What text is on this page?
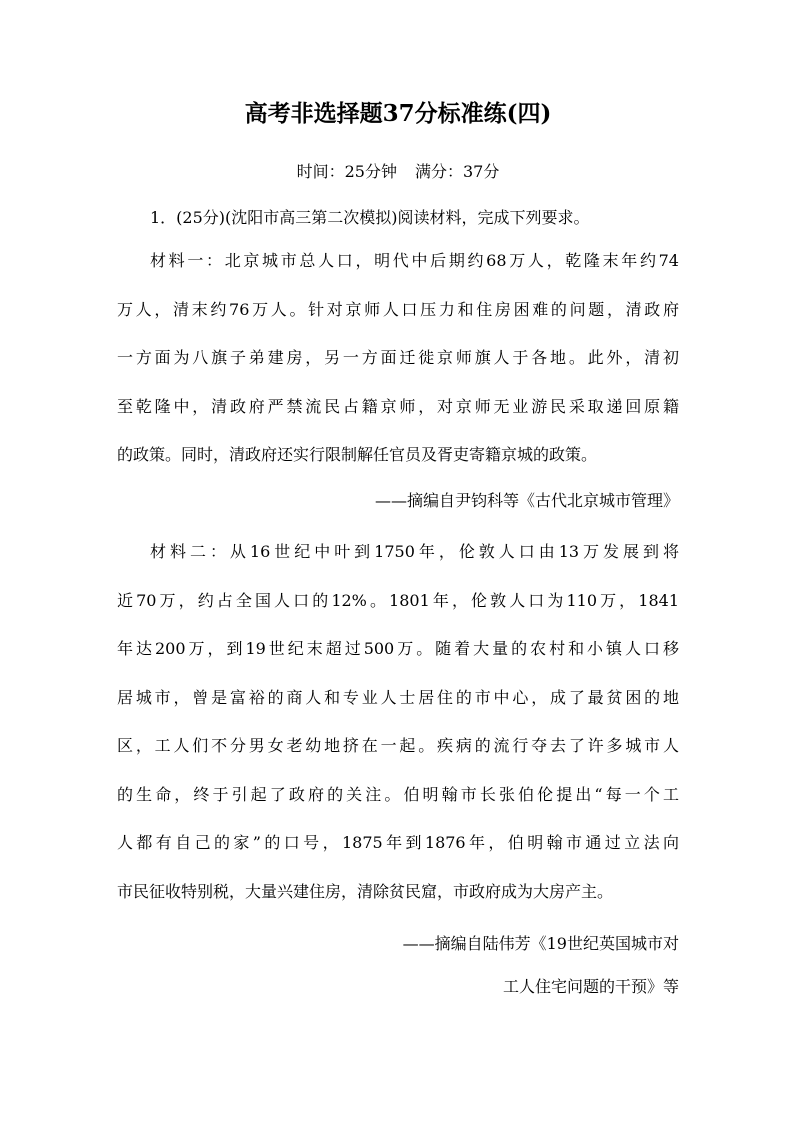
高考非选择题37分标准练(四)
时间：25分钟 满分：37分
1．(25分)(沈阳市高三第二次模拟)阅读材料，完成下列要求。
材料一：北京城市总人口，明代中后期约68万人，乾隆末年约74
万人，清末约76万人。针对京师人口压力和住房困难的问题，清政府
一方面为八旗子弟建房，另一方面迁徙京师旗人于各地。此外，清初
至乾隆中，清政府严禁流民占籍京师，对京师无业游民采取递回原籍
的政策。同时，清政府还实行限制解任官员及胥吏寄籍京城的政策。
——摘编自尹钧科等《古代北京城市管理》
材料二：从16世纪中叶到1750年，伦敦人口由13万发展到将
近70万，约占全国人口的12%。1801年，伦敦人口为110万，1841
年达200万，到19世纪末超过500万。随着大量的农村和小镇人口移
居城市，曾是富裕的商人和专业人士居住的市中心，成了最贫困的地
区，工人们不分男女老幼地挤在一起。疾病的流行夺去了许多城市人
的生命，终于引起了政府的关注。伯明翰市长张伯伦提出“每一个工
人都有自己的家”的口号，1875年到1876年，伯明翰市通过立法向
市民征收特别税，大量兴建住房，清除贫民窟，市政府成为大房产主。
——摘编自陆伟芳《19世纪英国城市对
工人住宅问题的干预》等
